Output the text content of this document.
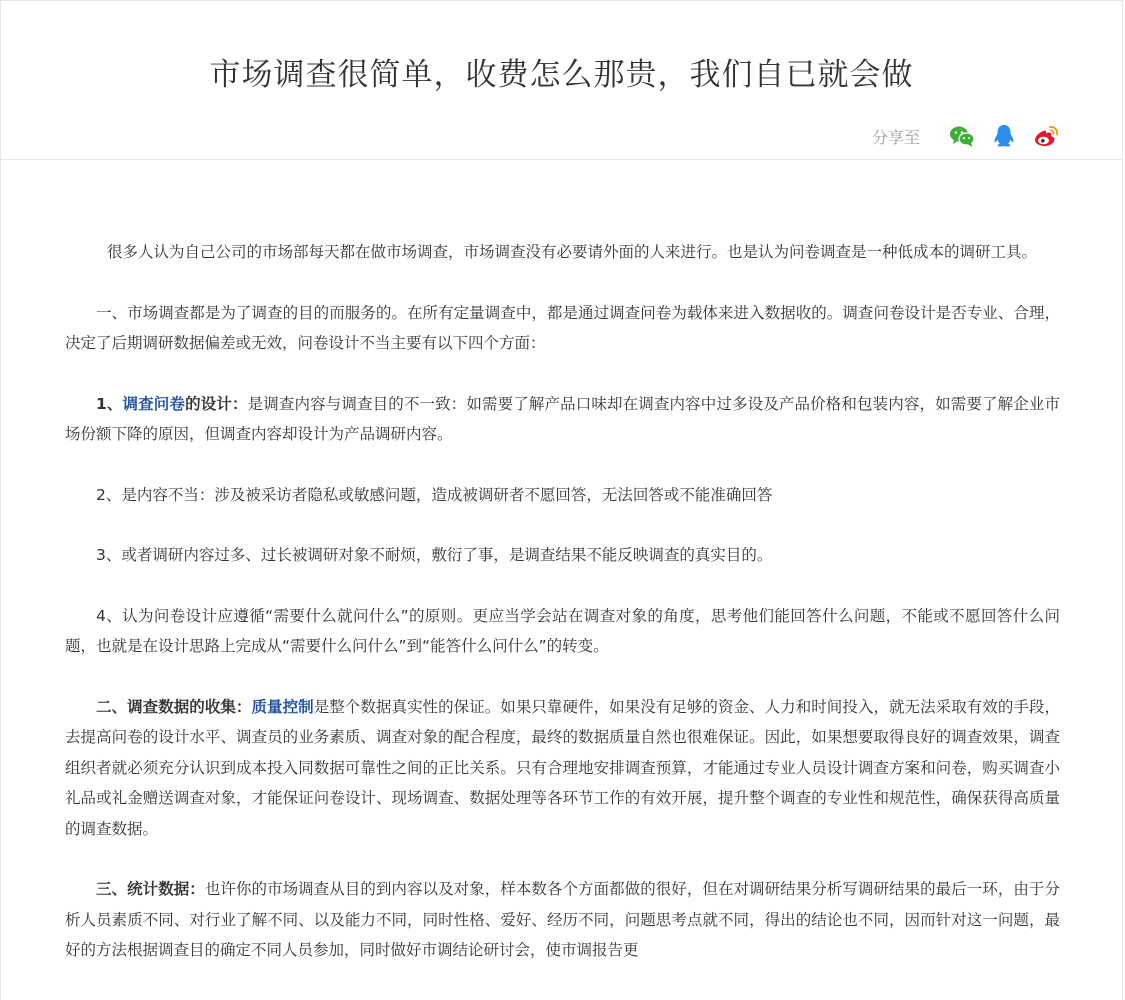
市场调查很简单，收费怎么那贵，我们自已就会做
分享至

很多人认为自己公司的市场部每天都在做市场调查，市场调查没有必要请外面的人来进行。也是认为问卷调查是一种低成本的调研工具。

一、市场调查都是为了调查的目的而服务的。在所有定量调查中，都是通过调查问卷为载体来进入数据收的。调查问卷设计是否专业、合理，决定了后期调研数据偏差或无效，问卷设计不当主要有以下四个方面：

1、调查问卷的设计：是调查内容与调查目的不一致：如需要了解产品口味却在调查内容中过多设及产品价格和包装内容，如需要了解企业市场份额下降的原因，但调查内容却设计为产品调研内容。

2、是内容不当：涉及被采访者隐私或敏感问题，造成被调研者不愿回答，无法回答或不能准确回答

3、或者调研内容过多、过长被调研对象不耐烦，敷衍了事，是调查结果不能反映调查的真实目的。

4、认为问卷设计应遵循“需要什么就问什么”的原则。更应当学会站在调查对象的角度，思考他们能回答什么问题，不能或不愿回答什么问题，也就是在设计思路上完成从“需要什么问什么”到“能答什么问什么”的转变。

二、调查数据的收集：质量控制是整个数据真实性的保证。如果只靠硬件，如果没有足够的资金、人力和时间投入，就无法采取有效的手段，去提高问卷的设计水平、调查员的业务素质、调查对象的配合程度，最终的数据质量自然也很难保证。因此，如果想要取得良好的调查效果，调查组织者就必须充分认识到成本投入同数据可靠性之间的正比关系。只有合理地安排调查预算，才能通过专业人员设计调查方案和问卷，购买调查小礼品或礼金赠送调查对象，才能保证问卷设计、现场调查、数据处理等各环节工作的有效开展，提升整个调查的专业性和规范性，确保获得高质量的调查数据。

三、统计数据：也许你的市场调查从目的到内容以及对象，样本数各个方面都做的很好，但在对调研结果分析写调研结果的最后一环，由于分析人员素质不同、对行业了解不同、以及能力不同，同时性格、爱好、经历不同，问题思考点就不同，得出的结论也不同，因而针对这一问题，最好的方法根据调查目的确定不同人员参加，同时做好市调结论研讨会，使市调报告更
